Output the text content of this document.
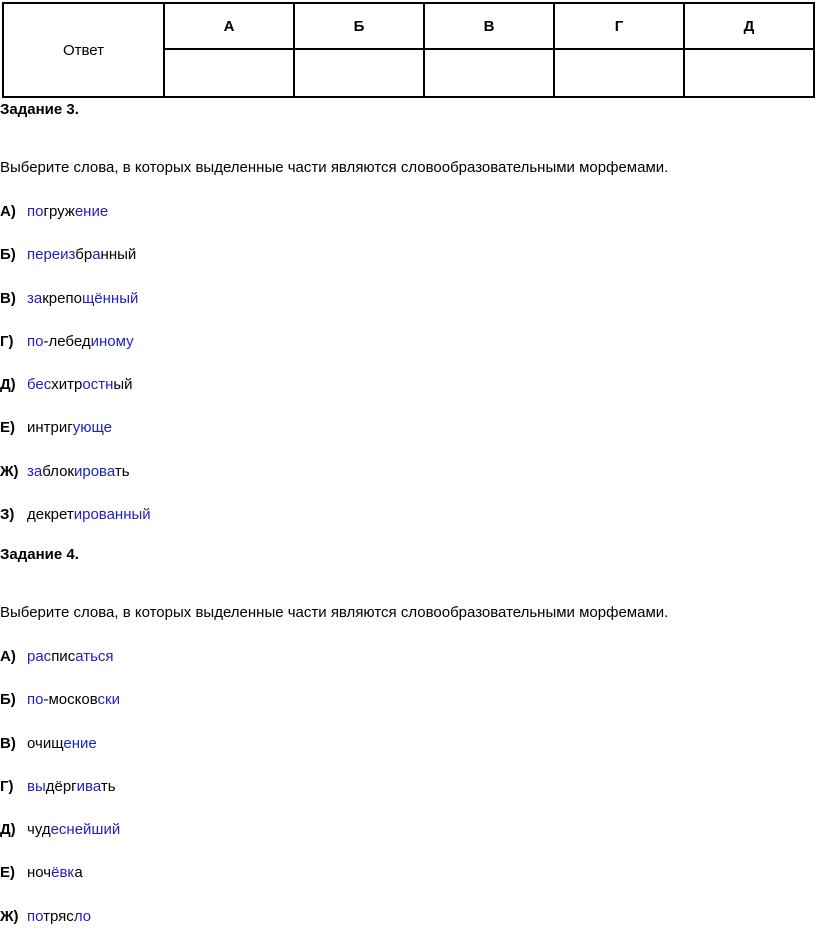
Ответ	А	Б	В	Г	Д

Задание 3.
Выберите слова, в которых выделенные части являются словообразовательными морфемами.
А) погружение
Б) переизбранный
В) закрепощённый
Г) по-лебединому
Д) бесхитростный
Е) интригующе
Ж) заблокировать
З) декретированный
Задание 4.
Выберите слова, в которых выделенные части являются словообразовательными морфемами.
А) расписаться
Б) по-московски
В) очищение
Г) выдёргивать
Д) чудеснейший
Е) ночёвка
Ж) потрясло
